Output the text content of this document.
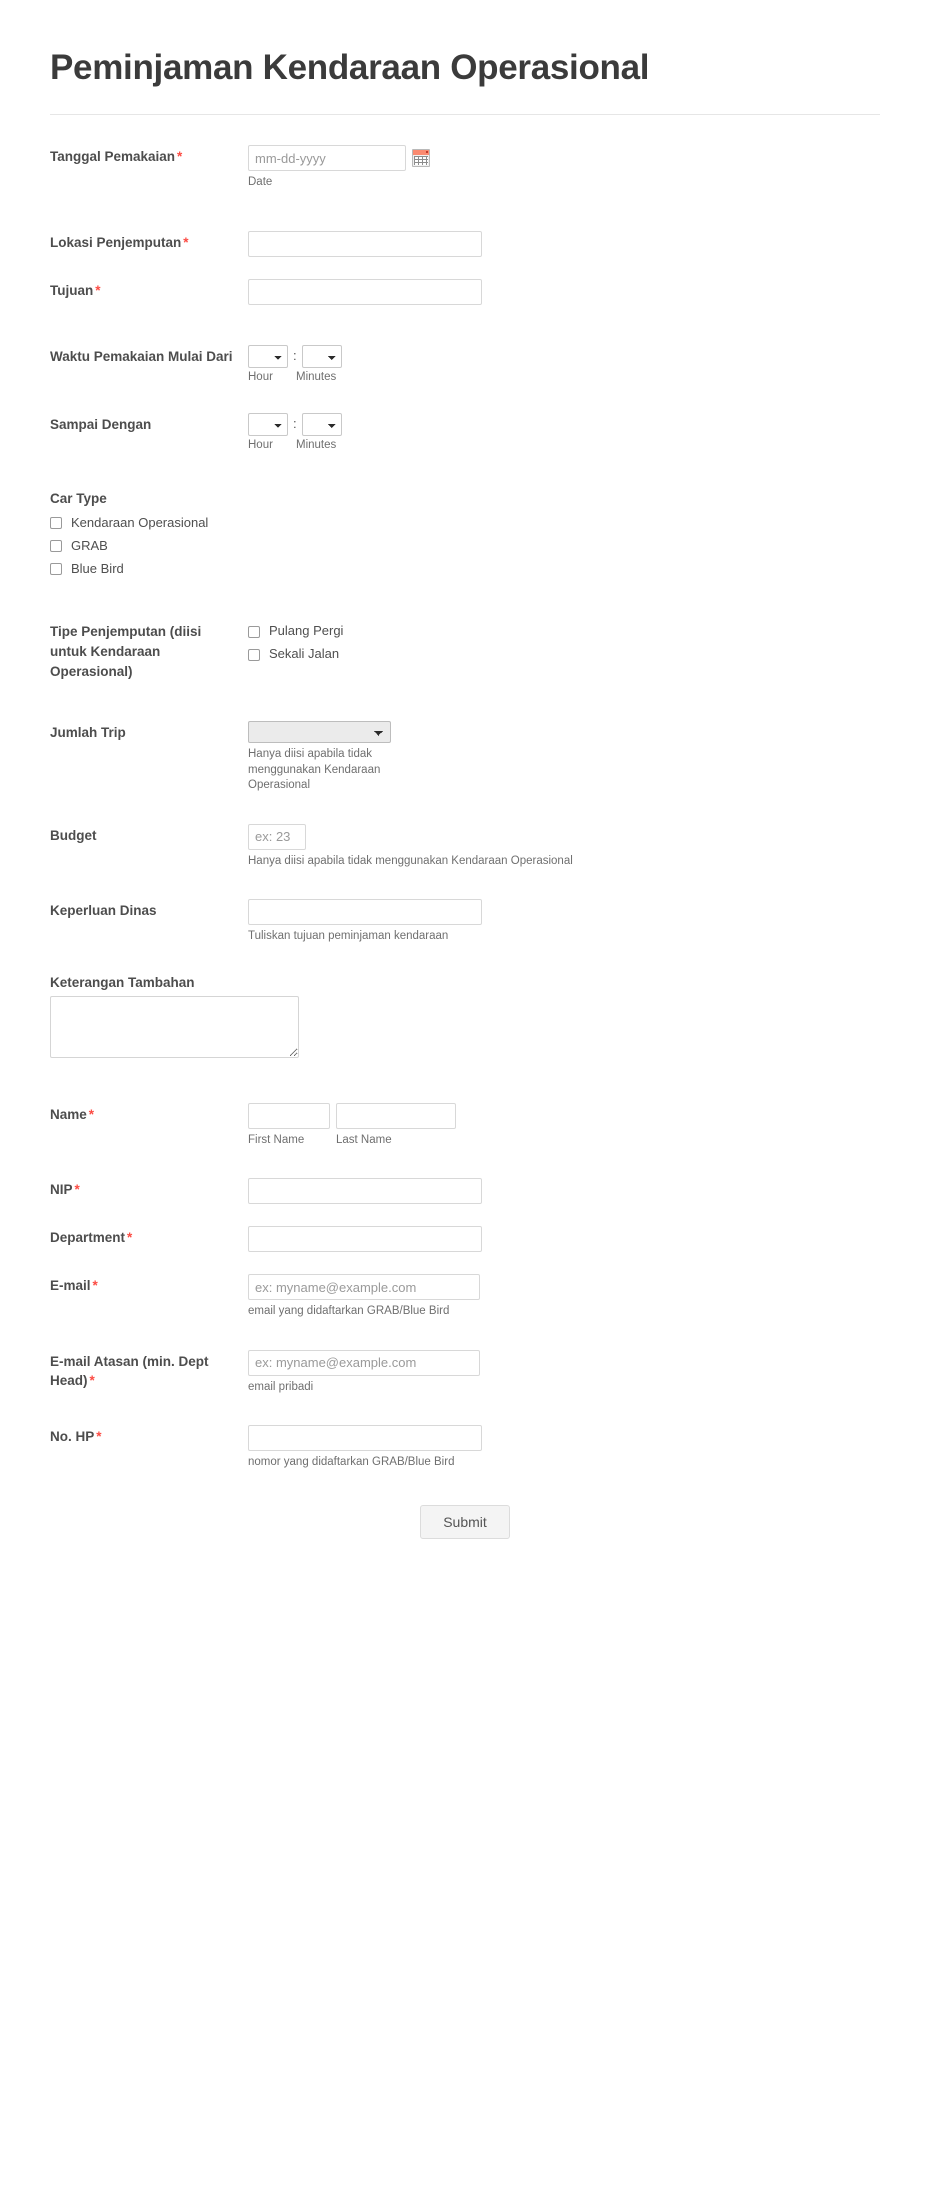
Peminjaman Kendaraan Operasional
Tanggal Pemakaian *
mm-dd-yyyy
Date
Lokasi Penjemputan *
Tujuan *
Waktu Pemakaian Mulai Dari	:
Hour	Minutes
Sampai Dengan	:
Hour	Minutes
Car Type
Kendaraan Operasional
GRAB
Blue Bird
Tipe Penjemputan (diisi untuk Kendaraan Operasional)
Pulang Pergi
Sekali Jalan
Jumlah Trip
Hanya diisi apabila tidak menggunakan Kendaraan Operasional
Budget
ex: 23
Hanya diisi apabila tidak menggunakan Kendaraan Operasional
Keperluan Dinas
Tuliskan tujuan peminjaman kendaraan
Keterangan Tambahan
Name *
First Name	Last Name
NIP *
Department *
E-mail *
ex: myname@example.com
email yang didaftarkan GRAB/Blue Bird
E-mail Atasan (min. Dept Head) *
ex: myname@example.com	email pribadi
No. HP *
nomor yang didaftarkan GRAB/Blue Bird
Submit
